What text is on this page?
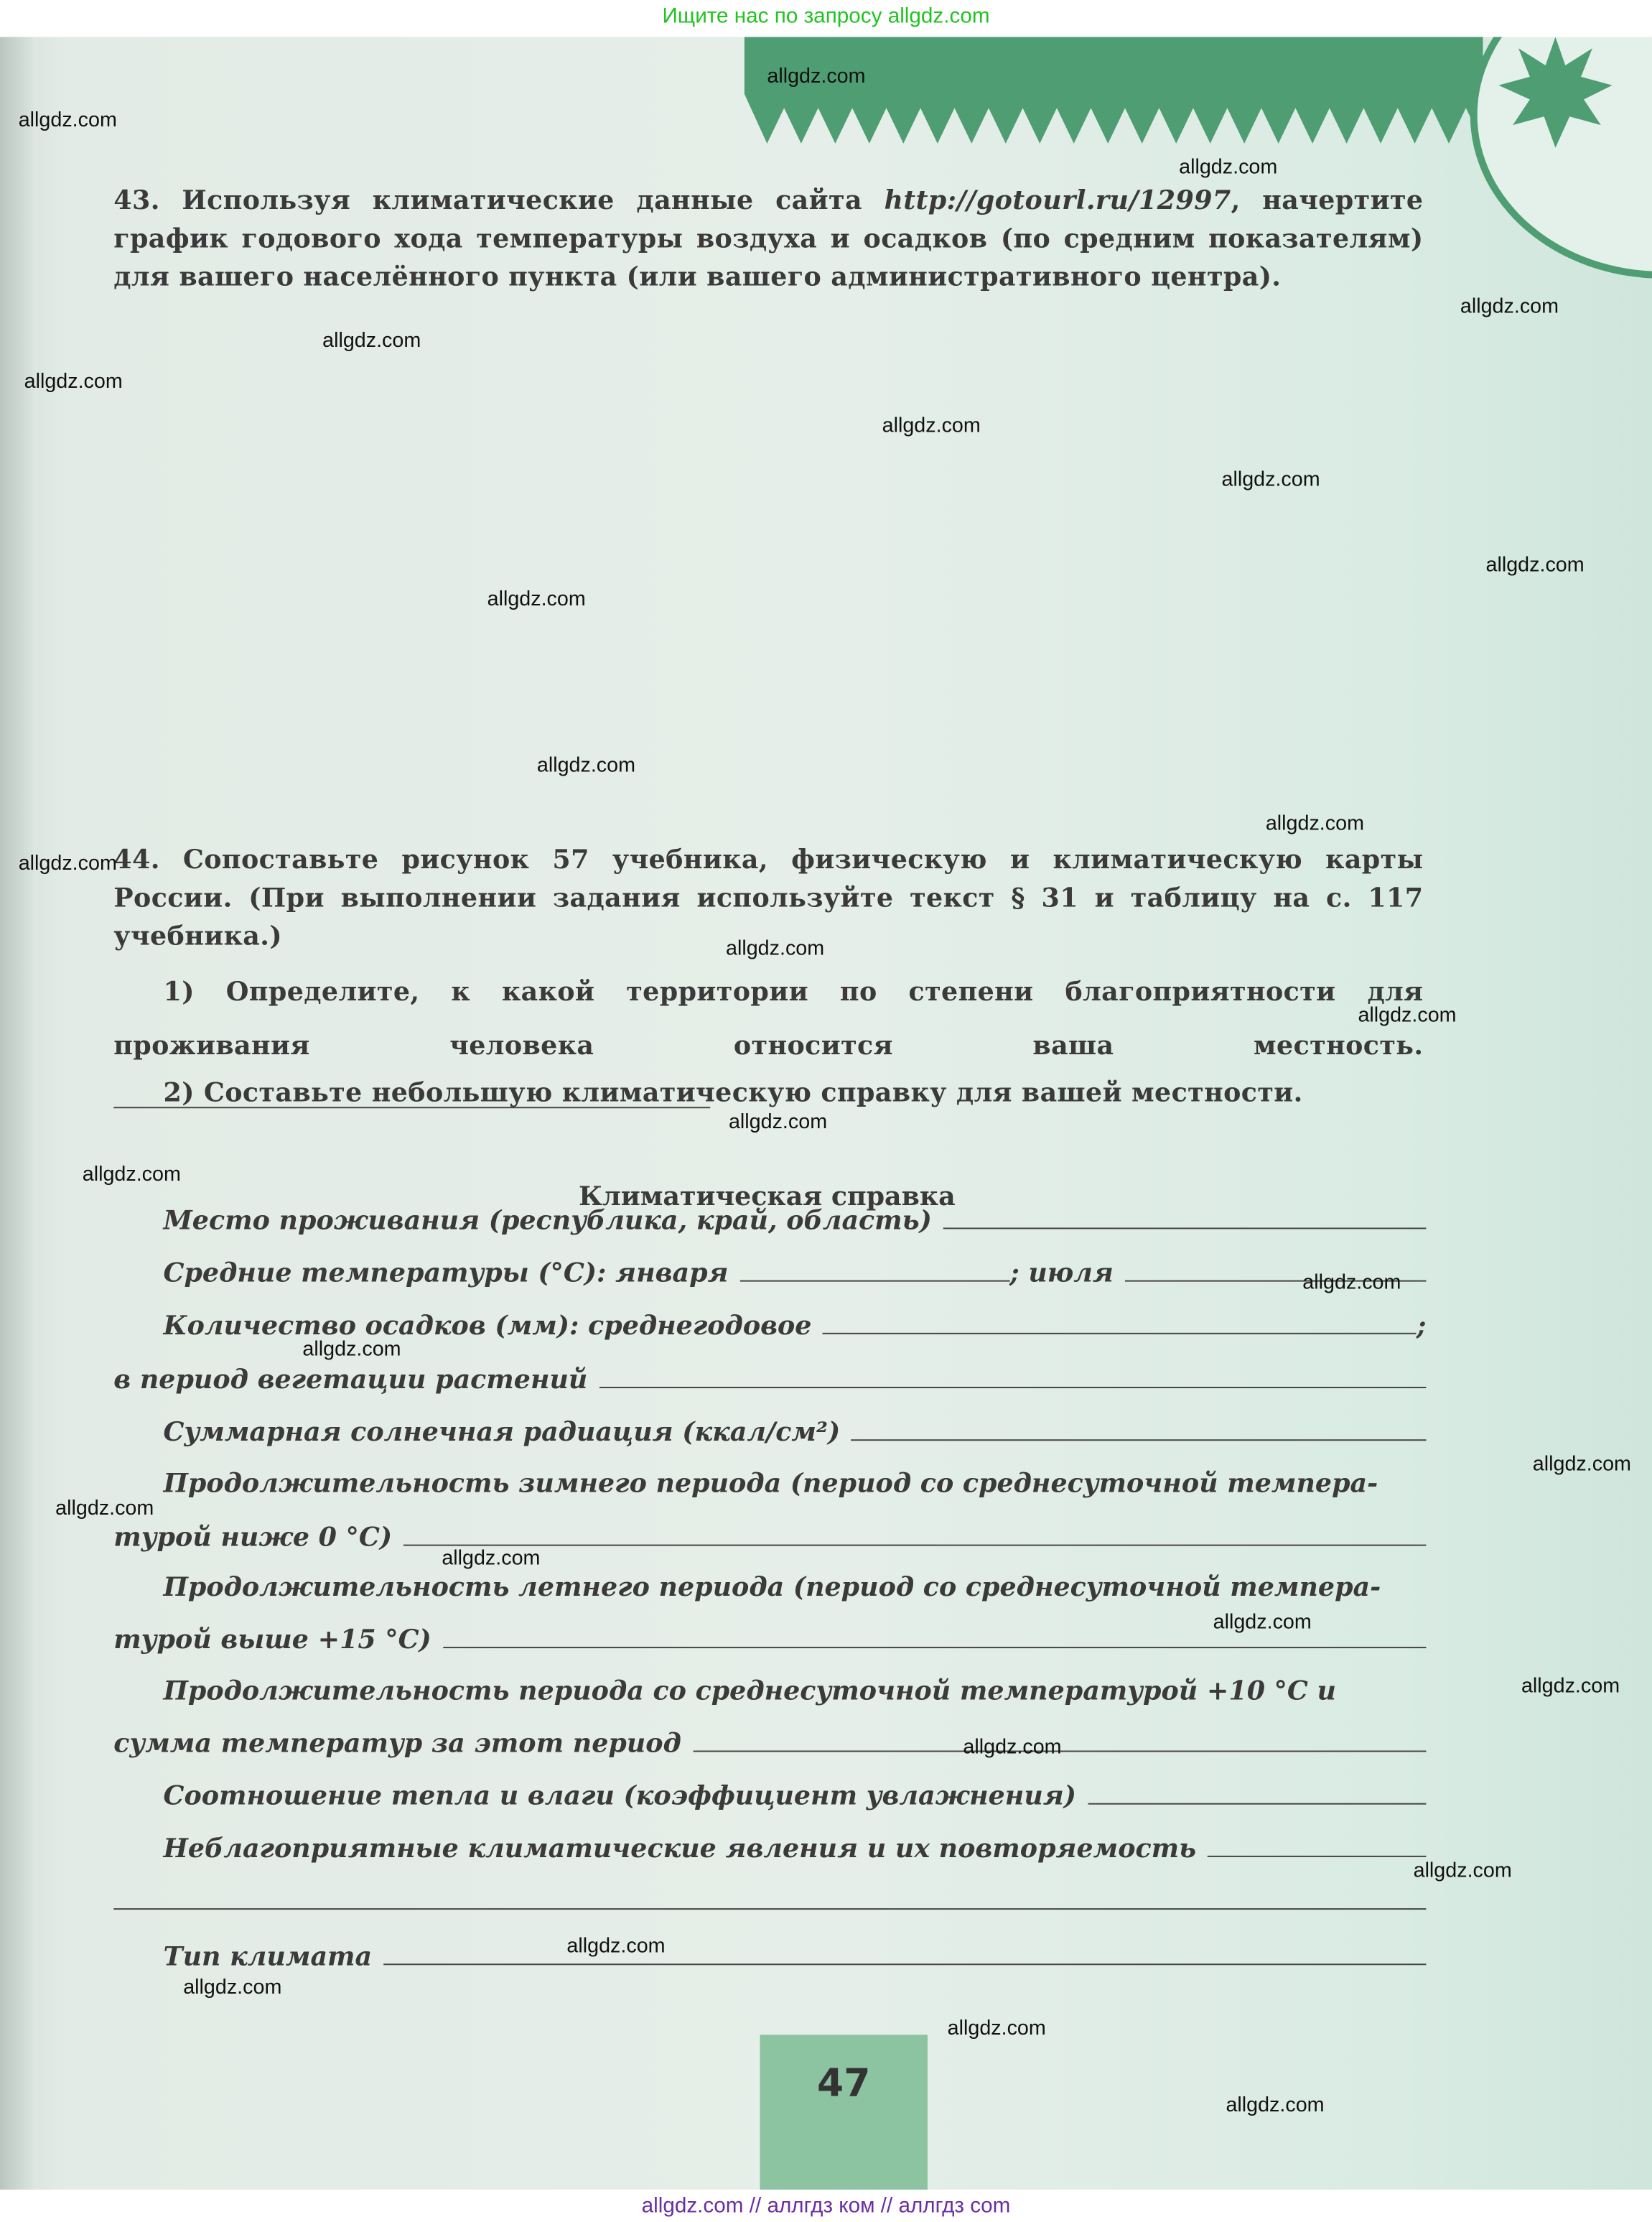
Ищите нас по запросу allgdz.com
43. Используя климатические данные сайта http://gotourl.ru/12997, начертите график годового хода температуры воздуха и осадков (по средним показателям) для вашего населённого пункта (или вашего административного центра).
44. Сопоставьте рисунок 57 учебника, физическую и климатическую карты России. (При выполнении задания используйте текст § 31 и таблицу на с. 117 учебника.)
1) Определите, к какой территории по степени благоприятности для проживания человека относится ваша местность.
2) Составьте небольшую климатическую справку для вашей местности.
Климатическая справка
Место проживания (республика, край, область)
Средние температуры (°C): января	; июля
Количество осадков (мм): среднегодовое	;
в период вегетации растений
Суммарная солнечная радиация (ккал/см²)
Продолжительность зимнего периода (период со среднесуточной темпера-
турой ниже 0 °C)
Продолжительность летнего периода (период со среднесуточной темпера-
турой выше +15 °C)
Продолжительность периода со среднесуточной температурой +10 °C и
сумма температур за этот период
Соотношение тепла и влаги (коэффициент увлажнения)
Неблагоприятные климатические явления и их повторяемость
Тип климата
47
allgdz.com // аллгдз ком // аллгдз com
allgdz.com
allgdz.com
allgdz.com
allgdz.com
allgdz.com
allgdz.com
allgdz.com
allgdz.com
allgdz.com
allgdz.com
allgdz.com
allgdz.com
allgdz.com
allgdz.com
allgdz.com
allgdz.com
allgdz.com
allgdz.com
allgdz.com
allgdz.com
allgdz.com
allgdz.com
allgdz.com
allgdz.com
allgdz.com
allgdz.com
allgdz.com
allgdz.com
allgdz.com
allgdz.com
